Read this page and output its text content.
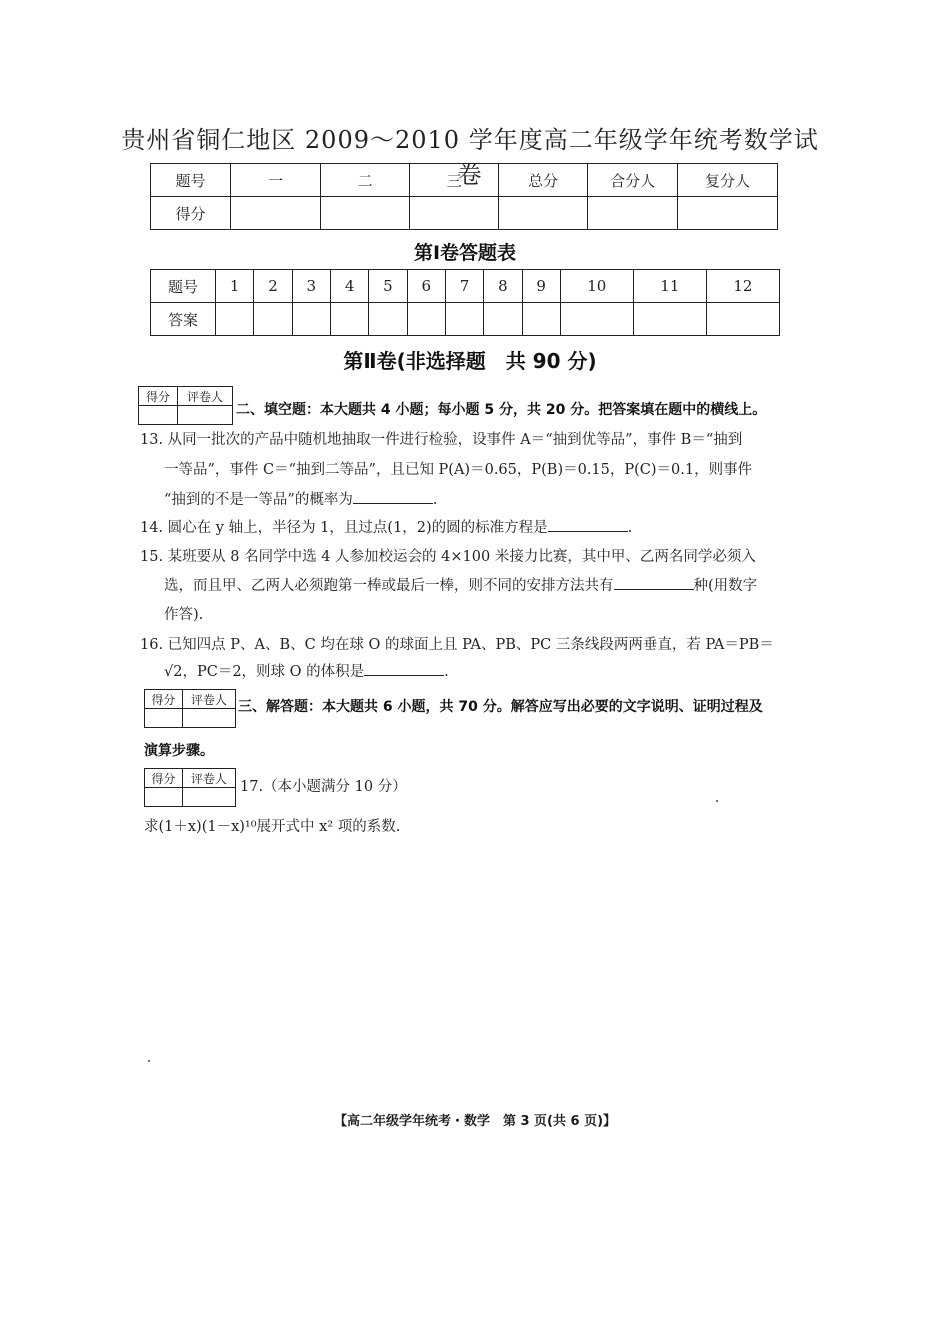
贵州省铜仁地区 2009～2010 学年度高二年级学年统考数学试卷
题号	一	二	三	总分	合分人	复分人
得分						
第Ⅰ卷答题表
题号	1	2	3	4	5	6	7	8	9	10	11	12
答案												
第Ⅱ卷(非选择题　共 90 分)
得分	评卷人

二、填空题：本大题共 4 小题；每小题 5 分，共 20 分。把答案填在题中的横线上。
13. 从同一批次的产品中随机地抽取一件进行检验，设事件 A＝“抽到优等品”，事件 B＝“抽到
一等品”，事件 C＝“抽到二等品”，且已知 P(A)＝0.65，P(B)＝0.15，P(C)＝0.1，则事件
“抽到的不是一等品”的概率为	.
14. 圆心在 y 轴上，半径为 1，且过点(1，2)的圆的标准方程是	.
15. 某班要从 8 名同学中选 4 人参加校运会的 4×100 米接力比赛，其中甲、乙两名同学必须入
选，而且甲、乙两人必须跑第一棒或最后一棒，则不同的安排方法共有	种(用数字
作答).
16. 已知四点 P、A、B、C 均在球 O 的球面上且 PA、PB、PC 三条线段两两垂直，若 PA＝PB＝
√2，PC＝2，则球 O 的体积是	.
得分	评卷人
	三、解答题：本大题共 6 小题，共 70 分。解答应写出必要的文字说明、证明过程及
演算步骤。
得分	评卷人

17.（本小题满分 10 分）
求(1＋x)(1－x)¹⁰展开式中 x² 项的系数.
【高二年级学年统考・数学　第 3 页(共 6 页)】
